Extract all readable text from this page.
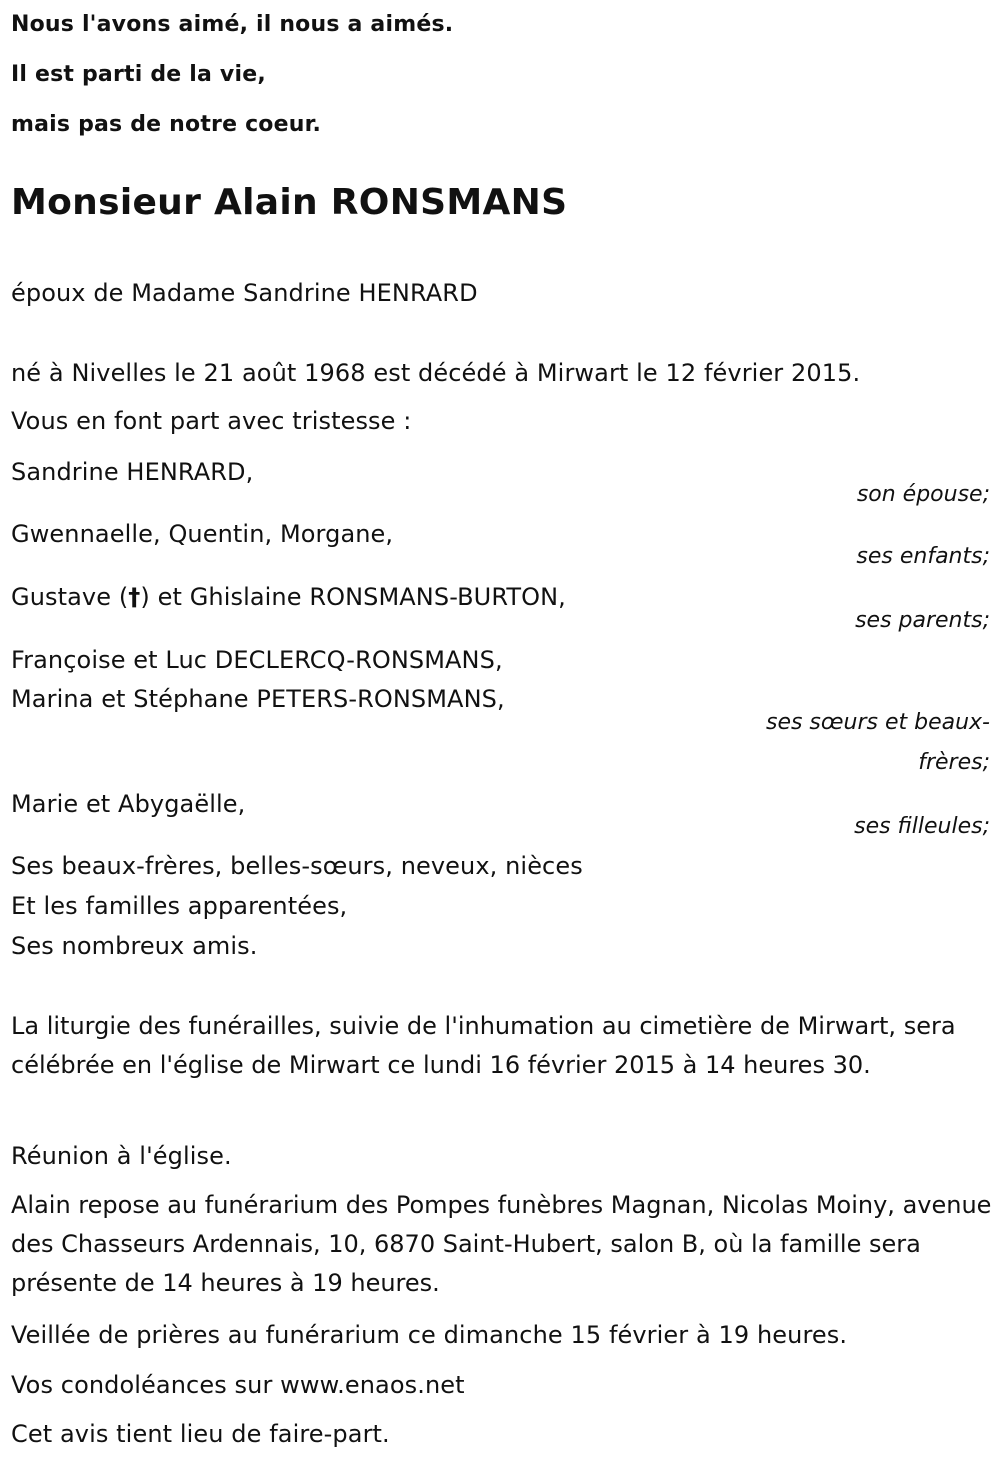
Nous l'avons aimé, il nous a aimés.
Il est parti de la vie,
mais pas de notre coeur.
Monsieur Alain RONSMANS
époux de Madame Sandrine HENRARD
né à Nivelles le 21 août 1968 est décédé à Mirwart le 12 février 2015.
Vous en font part avec tristesse :
Sandrine HENRARD,
son épouse;
Gwennaelle, Quentin, Morgane,
ses enfants;
Gustave (†) et Ghislaine RONSMANS-BURTON,
ses parents;
Françoise et Luc DECLERCQ-RONSMANS,
Marina et Stéphane PETERS-RONSMANS,
ses sœurs et beaux-
frères;
Marie et Abygaëlle,
ses filleules;
Ses beaux-frères, belles-sœurs, neveux, nièces
Et les familles apparentées,
Ses nombreux amis.
La liturgie des funérailles, suivie de l'inhumation au cimetière de Mirwart, sera célébrée en l'église de Mirwart ce lundi 16 février 2015 à 14 heures 30.
Réunion à l'église.
Alain repose au funérarium des Pompes funèbres Magnan, Nicolas Moiny, avenue des Chasseurs Ardennais, 10, 6870 Saint-Hubert, salon B, où la famille sera présente de 14 heures à 19 heures.
Veillée de prières au funérarium ce dimanche 15 février à 19 heures.
Vos condoléances sur www.enaos.net
Cet avis tient lieu de faire-part.
